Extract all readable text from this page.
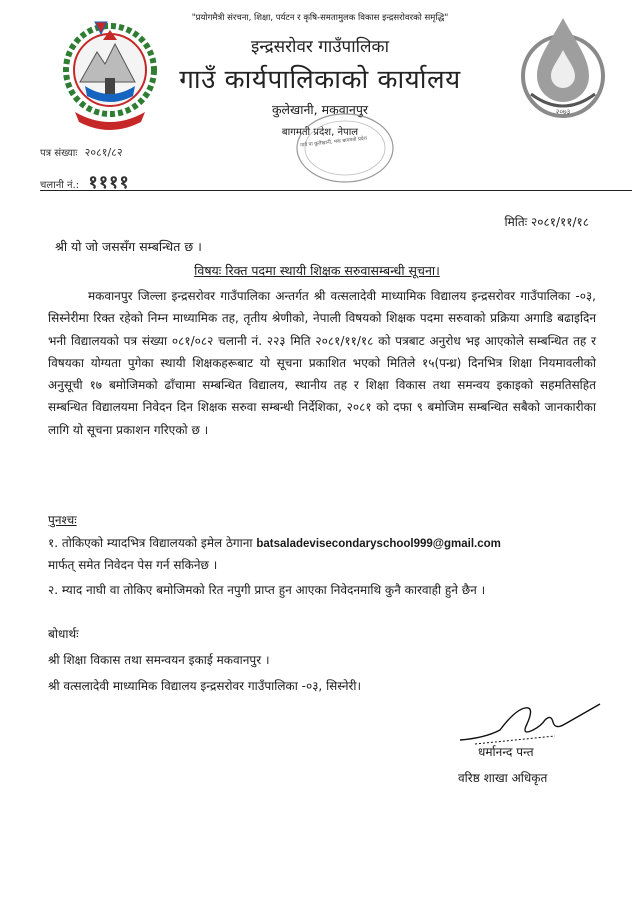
२०७३
"प्रयोगमैत्री संरचना, शिक्षा, पर्यटन र कृषि-समतामुलक विकास इन्द्रसरोवरको समृद्धि"
इन्द्रसरोवर गाउँपालिका
गाउँ कार्यपालिकाको कार्यालय
कुलेखानी, मकवानपुर
बागमती प्रदेश, नेपाल
गाउँ पा कुलेखानी, मक बागमती प्रदेश
पत्र संख्याः २०८१/८२
चलानी नं.: ११११
मितिः २०८१/११/१८
श्री यो जो जससँग सम्बन्धित छ ।
विषयः रिक्त पदमा स्थायी शिक्षक सरुवासम्बन्धी सूचना।
मकवानपुर जिल्ला इन्द्रसरोवर गाउँपालिका अन्तर्गत श्री वत्सलादेवी माध्यामिक विद्यालय इन्द्रसरोवर गाउँपालिका -०३, सिस्नेरीमा रिक्त रहेको निम्न माध्यामिक तह, तृतीय श्रेणीको, नेपाली विषयको शिक्षक पदमा सरुवाको प्रक्रिया अगाडि बढाइदिन भनी विद्यालयको पत्र संख्या ०८१/०८२ चलानी नं. २२३ मिति २०८१/११/१८ को पत्रबाट अनुरोध भइ आएकोले सम्बन्धित तह र विषयका योग्यता पुगेका स्थायी शिक्षकहरूबाट यो सूचना प्रकाशित भएको मितिले १५(पन्ध्र) दिनभित्र शिक्षा नियमावलीको अनुसूची १७ बमोजिमको ढाँचामा सम्बन्धित विद्यालय, स्थानीय तह र शिक्षा विकास तथा समन्वय इकाइको सहमतिसहित सम्बन्धित विद्यालयमा निवेदन दिन शिक्षक सरुवा सम्बन्धी निर्देशिका, २०८१ को दफा ९ बमोजिम सम्बन्धित सबैको जानकारीका लागि यो सूचना प्रकाशन गरिएको छ ।
पुनश्चः
१. तोकिएको म्यादभित्र विद्यालयको इमेल ठेगाना batsaladevisecondaryschool999@gmail.com
मार्फत् समेत निवेदन पेस गर्न सकिनेछ ।
२. म्याद नाघी वा तोकिए बमोजिमको रित नपुगी प्राप्त हुन आएका निवेदनमाथि कुनै कारवाही हुने छैन ।
बोधार्थः
श्री शिक्षा विकास तथा समन्वयन इकाई मकवानपुर ।
श्री वत्सलादेवी माध्यामिक विद्यालय इन्द्रसरोवर गाउँपालिका -०३, सिस्नेरी।
धर्मानन्द पन्त
वरिष्ठ शाखा अधिकृत
